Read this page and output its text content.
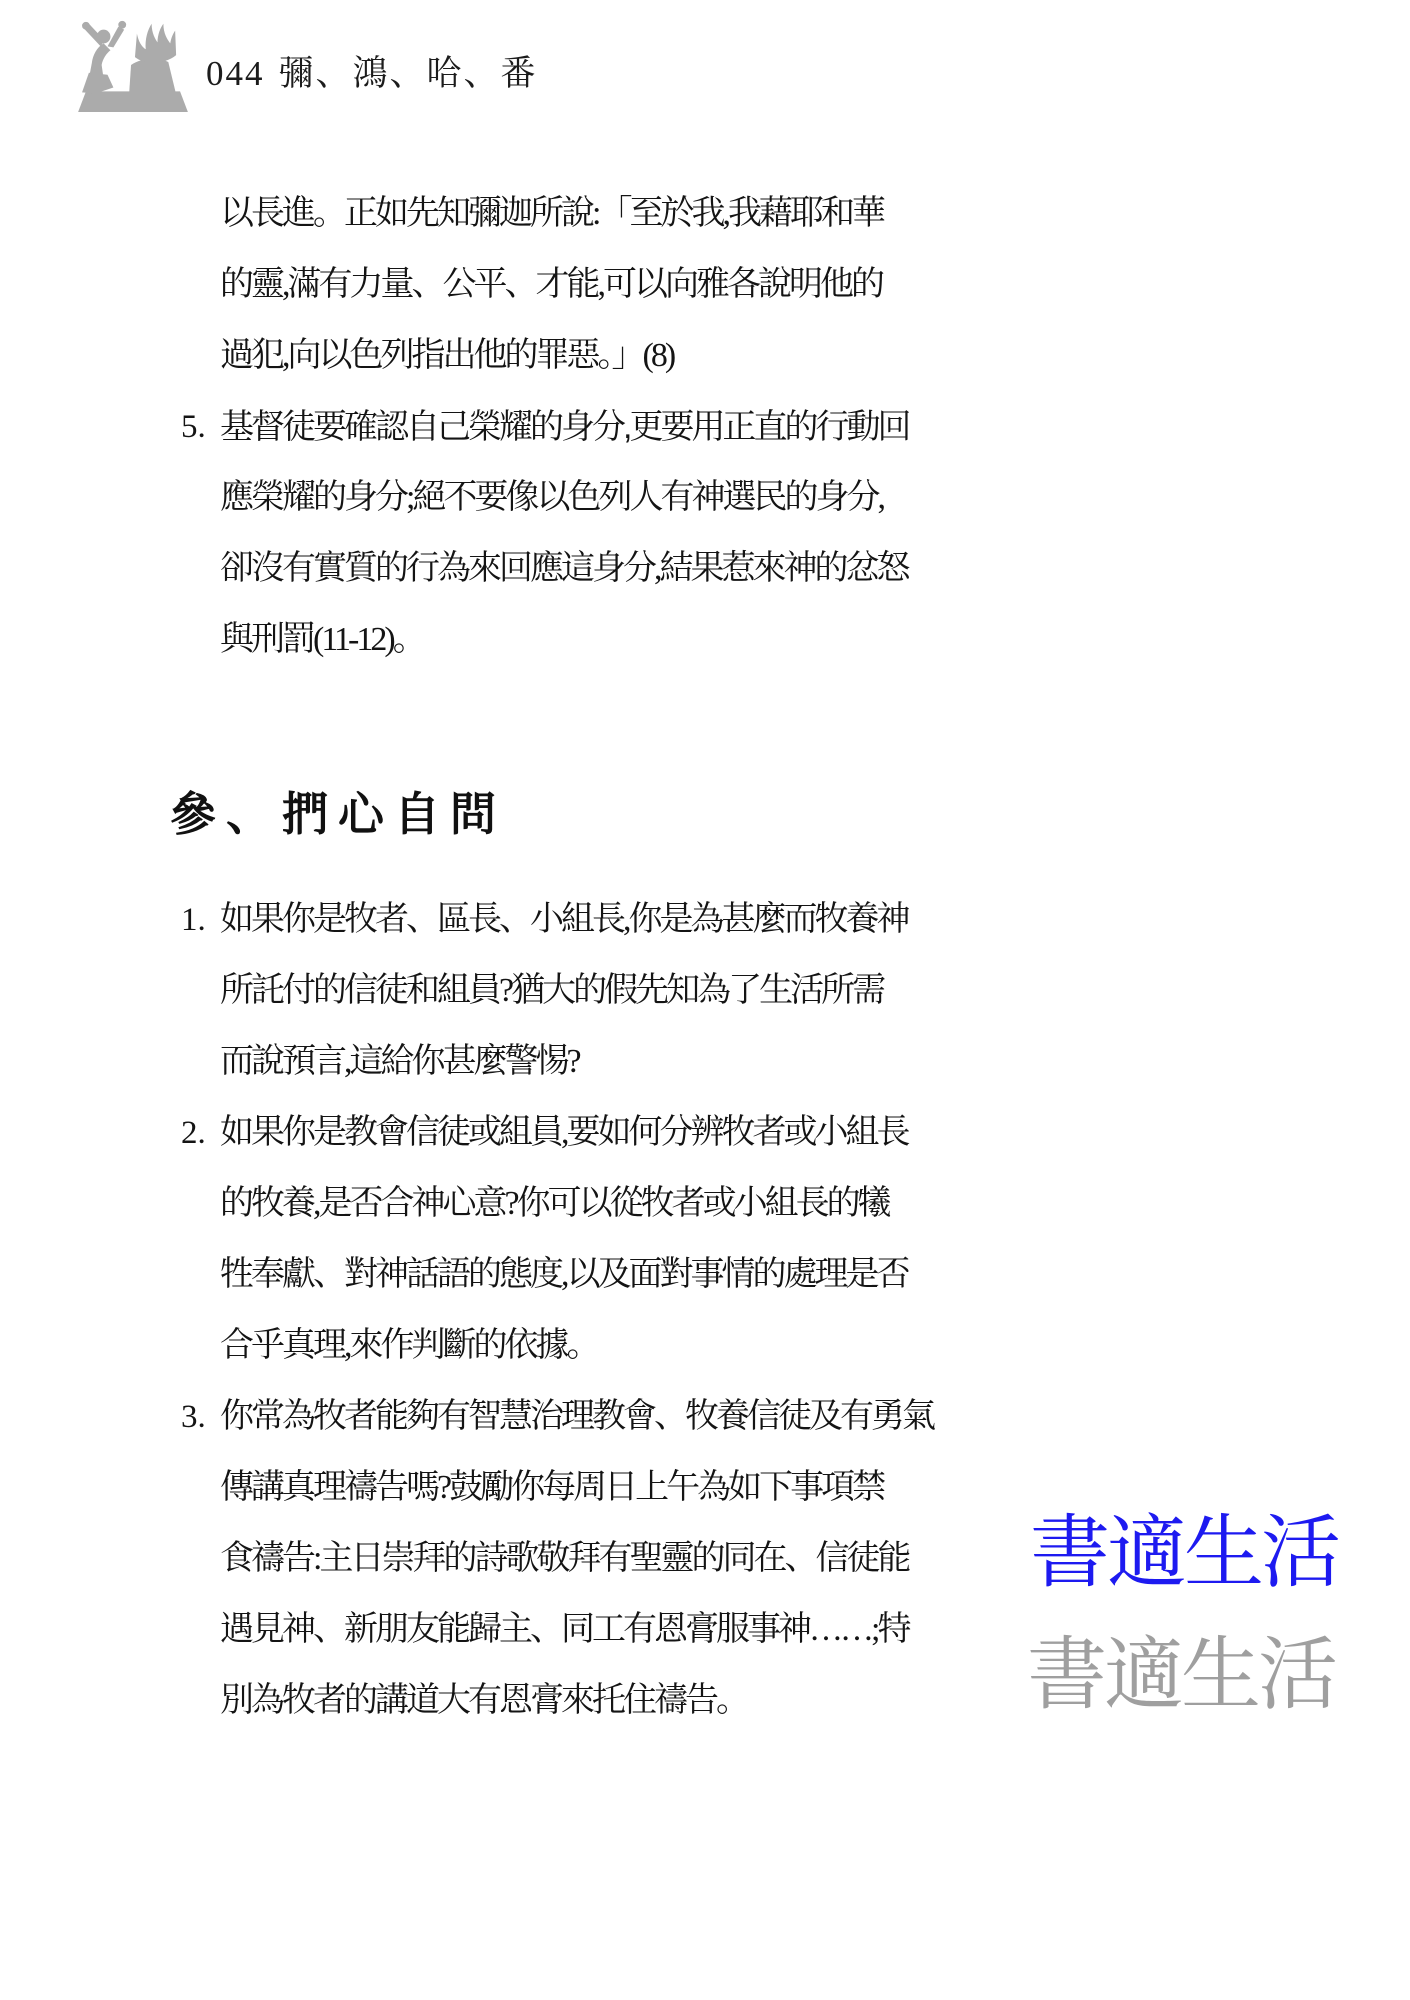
書適生活
書適生活
044 彌、鴻、哈、番
以長進。正如先知彌迦所說:「至於我,我藉耶和華
的靈,滿有力量、公平、才能,可以向雅各說明他的
過犯,向以色列指出他的罪惡。」(8)
5. 基督徒要確認自己榮耀的身分,更要用正直的行動回
應榮耀的身分;絕不要像以色列人有神選民的身分,
卻沒有實質的行為來回應這身分,結果惹來神的忿怒
與刑罰(11-12)。
參、捫心自問
1. 如果你是牧者、區長、小組長,你是為甚麼而牧養神
所託付的信徒和組員?猶大的假先知為了生活所需
而說預言,這給你甚麼警惕?
2. 如果你是教會信徒或組員,要如何分辨牧者或小組長
的牧養,是否合神心意?你可以從牧者或小組長的犧
牲奉獻、對神話語的態度,以及面對事情的處理是否
合乎真理,來作判斷的依據。
3. 你常為牧者能夠有智慧治理教會、牧養信徒及有勇氣
傳講真理禱告嗎?鼓勵你每周日上午為如下事項禁
食禱告:主日崇拜的詩歌敬拜有聖靈的同在、信徒能
遇見神、新朋友能歸主、同工有恩膏服事神……;特
別為牧者的講道大有恩膏來托住禱告。
